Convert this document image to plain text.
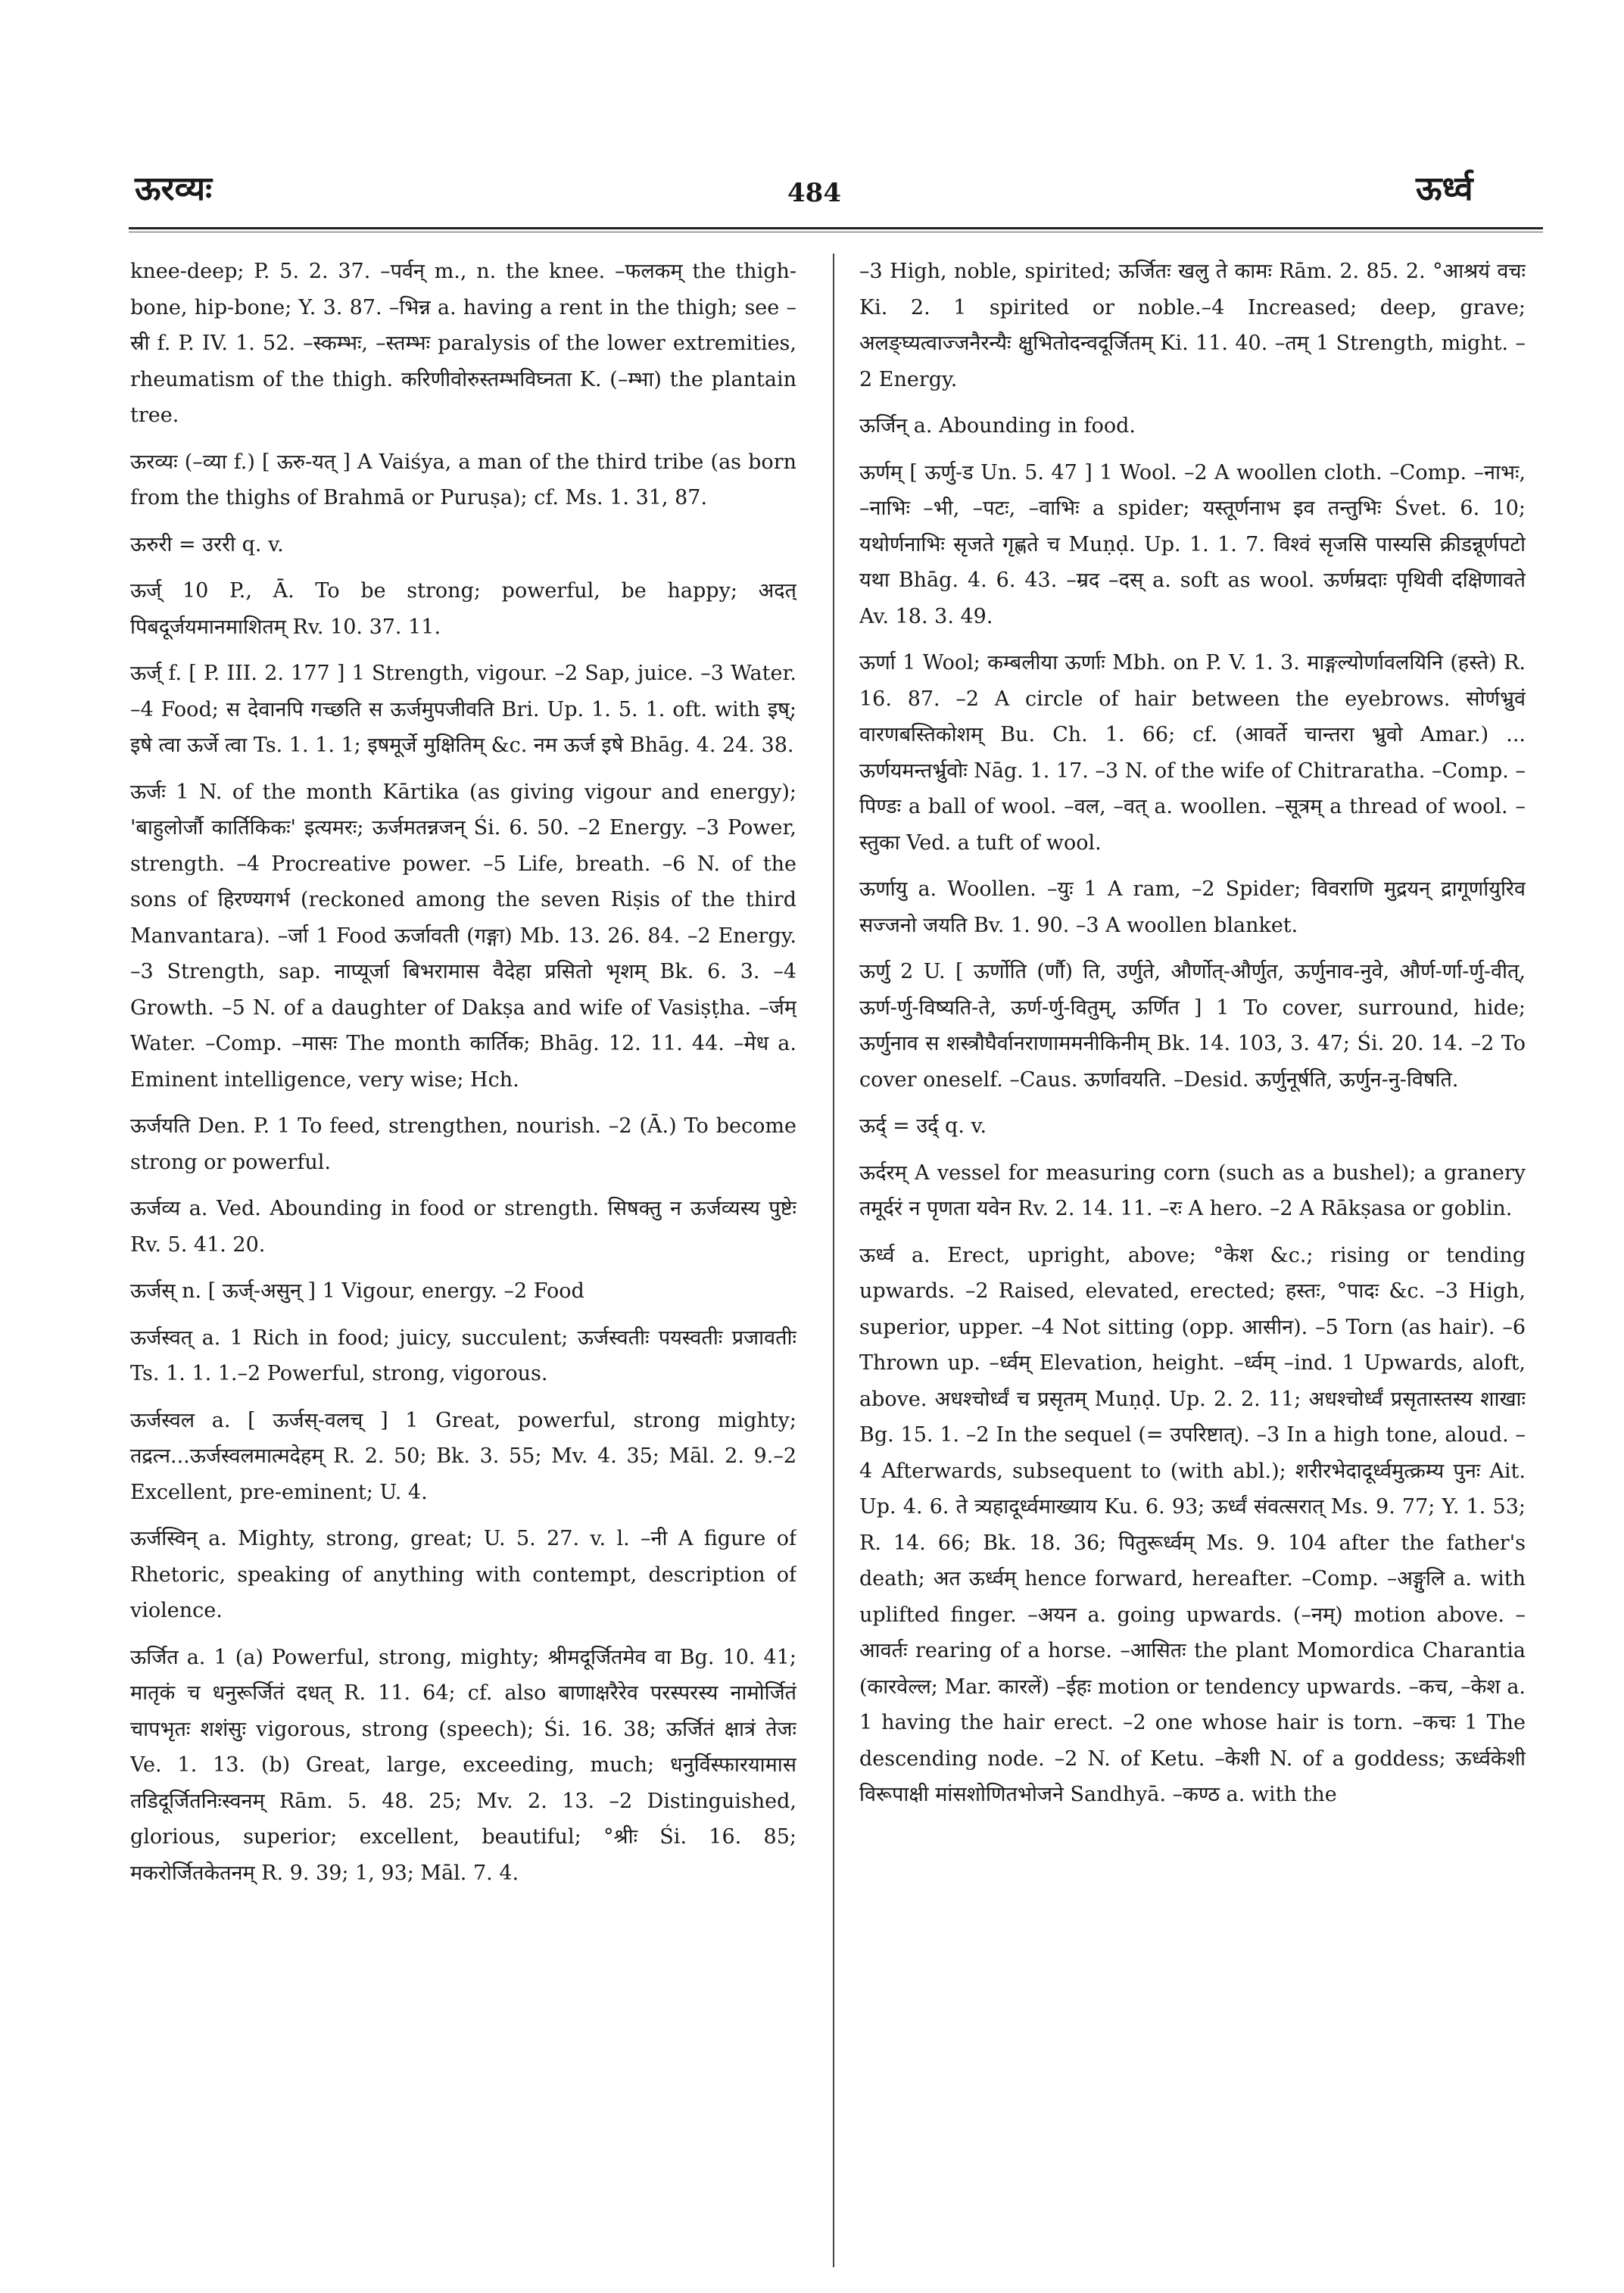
ऊरव्यः	484	ऊर्ध्व

knee-deep; P. 5. 2. 37. –पर्वन् m., n. the knee. –फलकम् the thigh-bone, hip-bone; Y. 3. 87. –भिन्न a. having a rent in the thigh; see –स्री f. P. IV. 1. 52. –स्कम्भः, –स्तम्भः paralysis of the lower extremities, rheumatism of the thigh. करिणीवोरुस्तम्भविघ्नता K. (–म्भा) the plantain tree.

ऊरव्यः (–व्या f.) [ ऊरु-यत् ] A Vaiśya, a man of the third tribe (as born from the thighs of Brahmā or Puruṣa); cf. Ms. 1. 31, 87.

ऊरुरी = उररी q. v.

ऊर्ज् 10 P., Ā. To be strong; powerful, be happy; अदत् पिबदूर्जयमानमाशितम् Rv. 10. 37. 11.

ऊर्ज् f. [ P. III. 2. 177 ] 1 Strength, vigour. –2 Sap, juice. –3 Water. –4 Food; स देवानपि गच्छति स ऊर्जमुपजीवति Bri. Up. 1. 5. 1. oft. with इष्; इषे त्वा ऊर्जे त्वा Ts. 1. 1. 1; इषमूर्जे मुक्षितिम् &c. नम ऊर्ज इषे Bhāg. 4. 24. 38.

ऊर्जः 1 N. of the month Kārtika (as giving vigour and energy); 'बाहुलोर्जौ कार्तिकिकः' इत्यमरः; ऊर्जमतन्नजन् Śi. 6. 50. –2 Energy. –3 Power, strength. –4 Procreative power. –5 Life, breath. –6 N. of the sons of हिरण्यगर्भ (reckoned among the seven Riṣis of the third Manvantara). –र्जा 1 Food ऊर्जावती (गङ्गा) Mb. 13. 26. 84. –2 Energy. –3 Strength, sap. नाप्यूर्जा बिभरामास वैदेहा प्रसितो भृशम् Bk. 6. 3. –4 Growth. –5 N. of a daughter of Dakṣa and wife of Vasiṣṭha. –र्जम् Water. –Comp. –मासः The month कार्तिक; Bhāg. 12. 11. 44. –मेध a. Eminent intelligence, very wise; Hch.

ऊर्जयति Den. P. 1 To feed, strengthen, nourish. –2 (Ā.) To become strong or powerful.

ऊर्जव्य a. Ved. Abounding in food or strength. सिषक्तु न ऊर्जव्यस्य पुष्टेः Rv. 5. 41. 20.

ऊर्जस् n. [ ऊर्ज्-असुन् ] 1 Vigour, energy. –2 Food

ऊर्जस्वत् a. 1 Rich in food; juicy, succulent; ऊर्जस्वतीः पयस्वतीः प्रजावतीः Ts. 1. 1. 1.–2 Powerful, strong, vigorous.

ऊर्जस्वल a. [ ऊर्जस्-वलच् ] 1 Great, powerful, strong mighty; तद्रत्न...ऊर्जस्वलमात्मदेहम् R. 2. 50; Bk. 3. 55; Mv. 4. 35; Māl. 2. 9.–2 Excellent, pre-eminent; U. 4.

ऊर्जस्विन् a. Mighty, strong, great; U. 5. 27. v. l. –नी A figure of Rhetoric, speaking of anything with contempt, description of violence.

ऊर्जित a. 1 (a) Powerful, strong, mighty; श्रीमदूर्जितमेव वा Bg. 10. 41; मातृकं च धनुरूर्जितं दधत् R. 11. 64; cf. also बाणाक्षरैरेव परस्परस्य नामोर्जितं चापभृतः शशंसुः vigorous, strong (speech); Śi. 16. 38; ऊर्जितं क्षात्रं तेजः Ve. 1. 13. (b) Great, large, exceeding, much; धनुर्विस्फारयामास तडिदूर्जितनिःस्वनम् Rām. 5. 48. 25; Mv. 2. 13. –2 Distinguished, glorious, superior; excellent, beautiful; °श्रीः Śi. 16. 85; मकरोर्जितकेतनम् R. 9. 39; 1, 93; Māl. 7. 4.

–3 High, noble, spirited; ऊर्जितः खलु ते कामः Rām. 2. 85. 2. °आश्रयं वचः Ki. 2. 1 spirited or noble.–4 Increased; deep, grave; अलङ्घ्यत्वाज्जनैरन्यैः क्षुभितोदन्वदूर्जितम् Ki. 11. 40. –तम् 1 Strength, might. –2 Energy.

ऊर्जिन् a. Abounding in food.

ऊर्णम् [ ऊर्णु-ड Un. 5. 47 ] 1 Wool. –2 A woollen cloth. –Comp. –नाभः, –नाभिः –भी, –पटः, –वाभिः a spider; यस्तूर्णनाभ इव तन्तुभिः Śvet. 6. 10; यथोर्णनाभिः सृजते गृह्णते च Muṇḍ. Up. 1. 1. 7. विश्वं सृजसि पास्यसि क्रीडन्नूर्णपटो यथा Bhāg. 4. 6. 43. –म्रद –दस् a. soft as wool. ऊर्णम्रदाः पृथिवी दक्षिणावते Av. 18. 3. 49.

ऊर्णा 1 Wool; कम्बलीया ऊर्णाः Mbh. on P. V. 1. 3. माङ्गल्योर्णावलयिनि (हस्ते) R. 16. 87. –2 A circle of hair between the eyebrows. सोर्णभ्रुवं वारणबस्तिकोशम् Bu. Ch. 1. 66; cf. (आवर्ते चान्तरा भ्रुवो Amar.) ... ऊर्णयमन्तर्भ्रुवोः Nāg. 1. 17. –3 N. of the wife of Chitraratha. –Comp. –पिण्डः a ball of wool. –वल, –वत् a. woollen. –सूत्रम् a thread of wool. –स्तुका Ved. a tuft of wool.

ऊर्णायु a. Woollen. –युः 1 A ram, –2 Spider; विवराणि मुद्रयन् द्रागूर्णायुरिव सज्जनो जयति Bv. 1. 90. –3 A woollen blanket.

ऊर्णु 2 U. [ ऊर्णोति (र्णौ) ति, उर्णुते, और्णोत्-और्णुत, ऊर्णुनाव-नुवे, और्ण-र्णा-र्णु-वीत्, ऊर्ण-र्णु-विष्यति-ते, ऊर्ण-र्णु-वितुम्, ऊर्णित ] 1 To cover, surround, hide; ऊर्णुनाव स शस्त्रौघैर्वानराणाममनीकिनीम् Bk. 14. 103, 3. 47; Śi. 20. 14. –2 To cover oneself. –Caus. ऊर्णावयति. –Desid. ऊर्णुनूर्षति, ऊर्णुन-नु-विषति.

ऊर्द् = उर्द् q. v.

ऊर्दरम् A vessel for measuring corn (such as a bushel); a granery तमूर्दरं न पृणता यवेन Rv. 2. 14. 11. –रः A hero. –2 A Rākṣasa or goblin.

ऊर्ध्व a. Erect, upright, above; °केश &c.; rising or tending upwards. –2 Raised, elevated, erected; हस्तः, °पादः &c. –3 High, superior, upper. –4 Not sitting (opp. आसीन). –5 Torn (as hair). –6 Thrown up. –र्ध्वम् Elevation, height. –र्ध्वम् –ind. 1 Upwards, aloft, above. अधश्चोर्ध्वं च प्रसृतम् Muṇḍ. Up. 2. 2. 11; अधश्चोर्ध्वं प्रसृतास्तस्य शाखाः Bg. 15. 1. –2 In the sequel (= उपरिष्टात्). –3 In a high tone, aloud. –4 Afterwards, subsequent to (with abl.); शरीरभेदादूर्ध्वमुत्क्रम्य पुनः Ait. Up. 4. 6. ते त्र्यहादूर्ध्वमाख्याय Ku. 6. 93; ऊर्ध्वं संवत्सरात् Ms. 9. 77; Y. 1. 53; R. 14. 66; Bk. 18. 36; पितुरूर्ध्वम् Ms. 9. 104 after the father's death; अत ऊर्ध्वम् hence forward, hereafter. –Comp. –अङ्गुलि a. with uplifted finger. –अयन a. going upwards. (–नम्) motion above. –आवर्तः rearing of a horse. –आसितः the plant Momordica Charantia (कारवेल्ल; Mar. कारलें) –ईहः motion or tendency upwards. –कच, –केश a. 1 having the hair erect. –2 one whose hair is torn. –कचः 1 The descending node. –2 N. of Ketu. –केशी N. of a goddess; ऊर्ध्वकेशी विरूपाक्षी मांसशोणितभोजने Sandhyā. –कण्ठ a. with the
